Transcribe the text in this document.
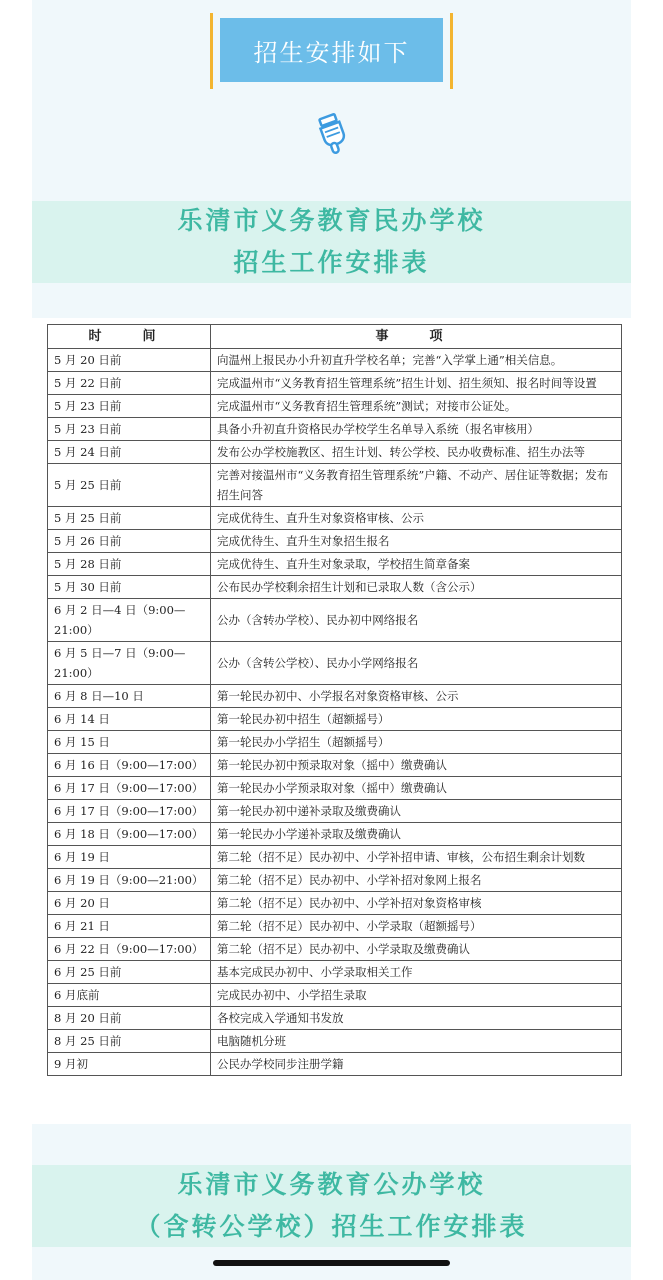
招生安排如下
乐清市义务教育民办学校
招生工作安排表
时　间	事　项
5 月 20 日前	向温州上报民办小升初直升学校名单；完善“入学掌上通”相关信息。
5 月 22 日前	完成温州市“义务教育招生管理系统”招生计划、招生须知、报名时间等设置
5 月 23 日前	完成温州市“义务教育招生管理系统”测试；对接市公证处。
5 月 23 日前	具备小升初直升资格民办学校学生名单导入系统（报名审核用）
5 月 24 日前	发布公办学校施教区、招生计划、转公学校、民办收费标准、招生办法等
5 月 25 日前	完善对接温州市“义务教育招生管理系统”户籍、不动产、居住证等数据；发布招生问答
5 月 25 日前	完成优待生、直升生对象资格审核、公示
5 月 26 日前	完成优待生、直升生对象招生报名
5 月 28 日前	完成优待生、直升生对象录取，学校招生简章备案
5 月 30 日前	公布民办学校剩余招生计划和已录取人数（含公示）
6 月 2 日—4 日（9:00—21:00）	公办（含转办学校）、民办初中网络报名
6 月 5 日—7 日（9:00—21:00）	公办（含转公学校）、民办小学网络报名
6 月 8 日—10 日	第一轮民办初中、小学报名对象资格审核、公示
6 月 14 日	第一轮民办初中招生（超额摇号）
6 月 15 日	第一轮民办小学招生（超额摇号）
6 月 16 日（9:00—17:00）	第一轮民办初中预录取对象（摇中）缴费确认
6 月 17 日（9:00—17:00）	第一轮民办小学预录取对象（摇中）缴费确认
6 月 17 日（9:00—17:00）	第一轮民办初中递补录取及缴费确认
6 月 18 日（9:00—17:00）	第一轮民办小学递补录取及缴费确认
6 月 19 日	第二轮（招不足）民办初中、小学补招申请、审核，公布招生剩余计划数
6 月 19 日（9:00—21:00）	第二轮（招不足）民办初中、小学补招对象网上报名
6 月 20 日	第二轮（招不足）民办初中、小学补招对象资格审核
6 月 21 日	第二轮（招不足）民办初中、小学录取（超额摇号）
6 月 22 日（9:00—17:00）	第二轮（招不足）民办初中、小学录取及缴费确认
6 月 25 日前	基本完成民办初中、小学录取相关工作
6 月底前	完成民办初中、小学招生录取
8 月 20 日前	各校完成入学通知书发放
8 月 25 日前	电脑随机分班
9 月初	公民办学校同步注册学籍
乐清市义务教育公办学校
（含转公学校）招生工作安排表
